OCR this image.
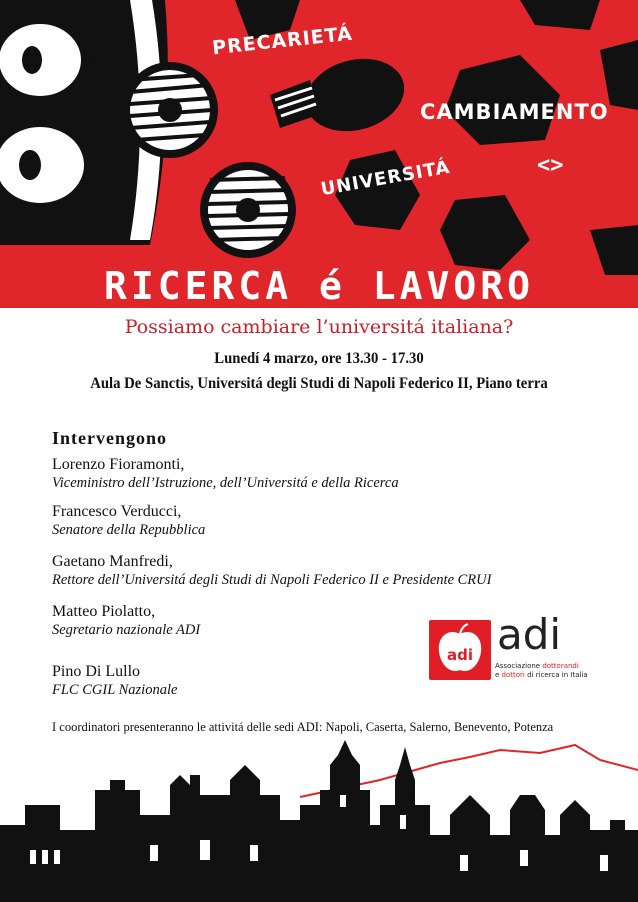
<>
PRECARIETÁ
CAMBIAMENTO
UNIVERSITÁ
RICERCA é LAVORO
Possiamo cambiare l’universitá italiana?
Lunedí 4 marzo, ore 13.30 - 17.30
Aula De Sanctis, Universitá degli Studi di Napoli Federico II, Piano terra
Intervengono
Lorenzo Fioramonti,
Viceministro dell’Istruzione, dell’Universitá e della Ricerca
Francesco Verducci,
Senatore della Repubblica
Gaetano Manfredi,
Rettore dell’Universitá degli Studi di Napoli Federico II e Presidente CRUI
Matteo Piolatto,
Segretario nazionale ADI
Pino Di Lullo
FLC CGIL Nazionale
adi adi
Associazione dottorandi
e dottori di ricerca in Italia
I coordinatori presenteranno le attivitá delle sedi ADI: Napoli, Caserta, Salerno, Benevento, Potenza
